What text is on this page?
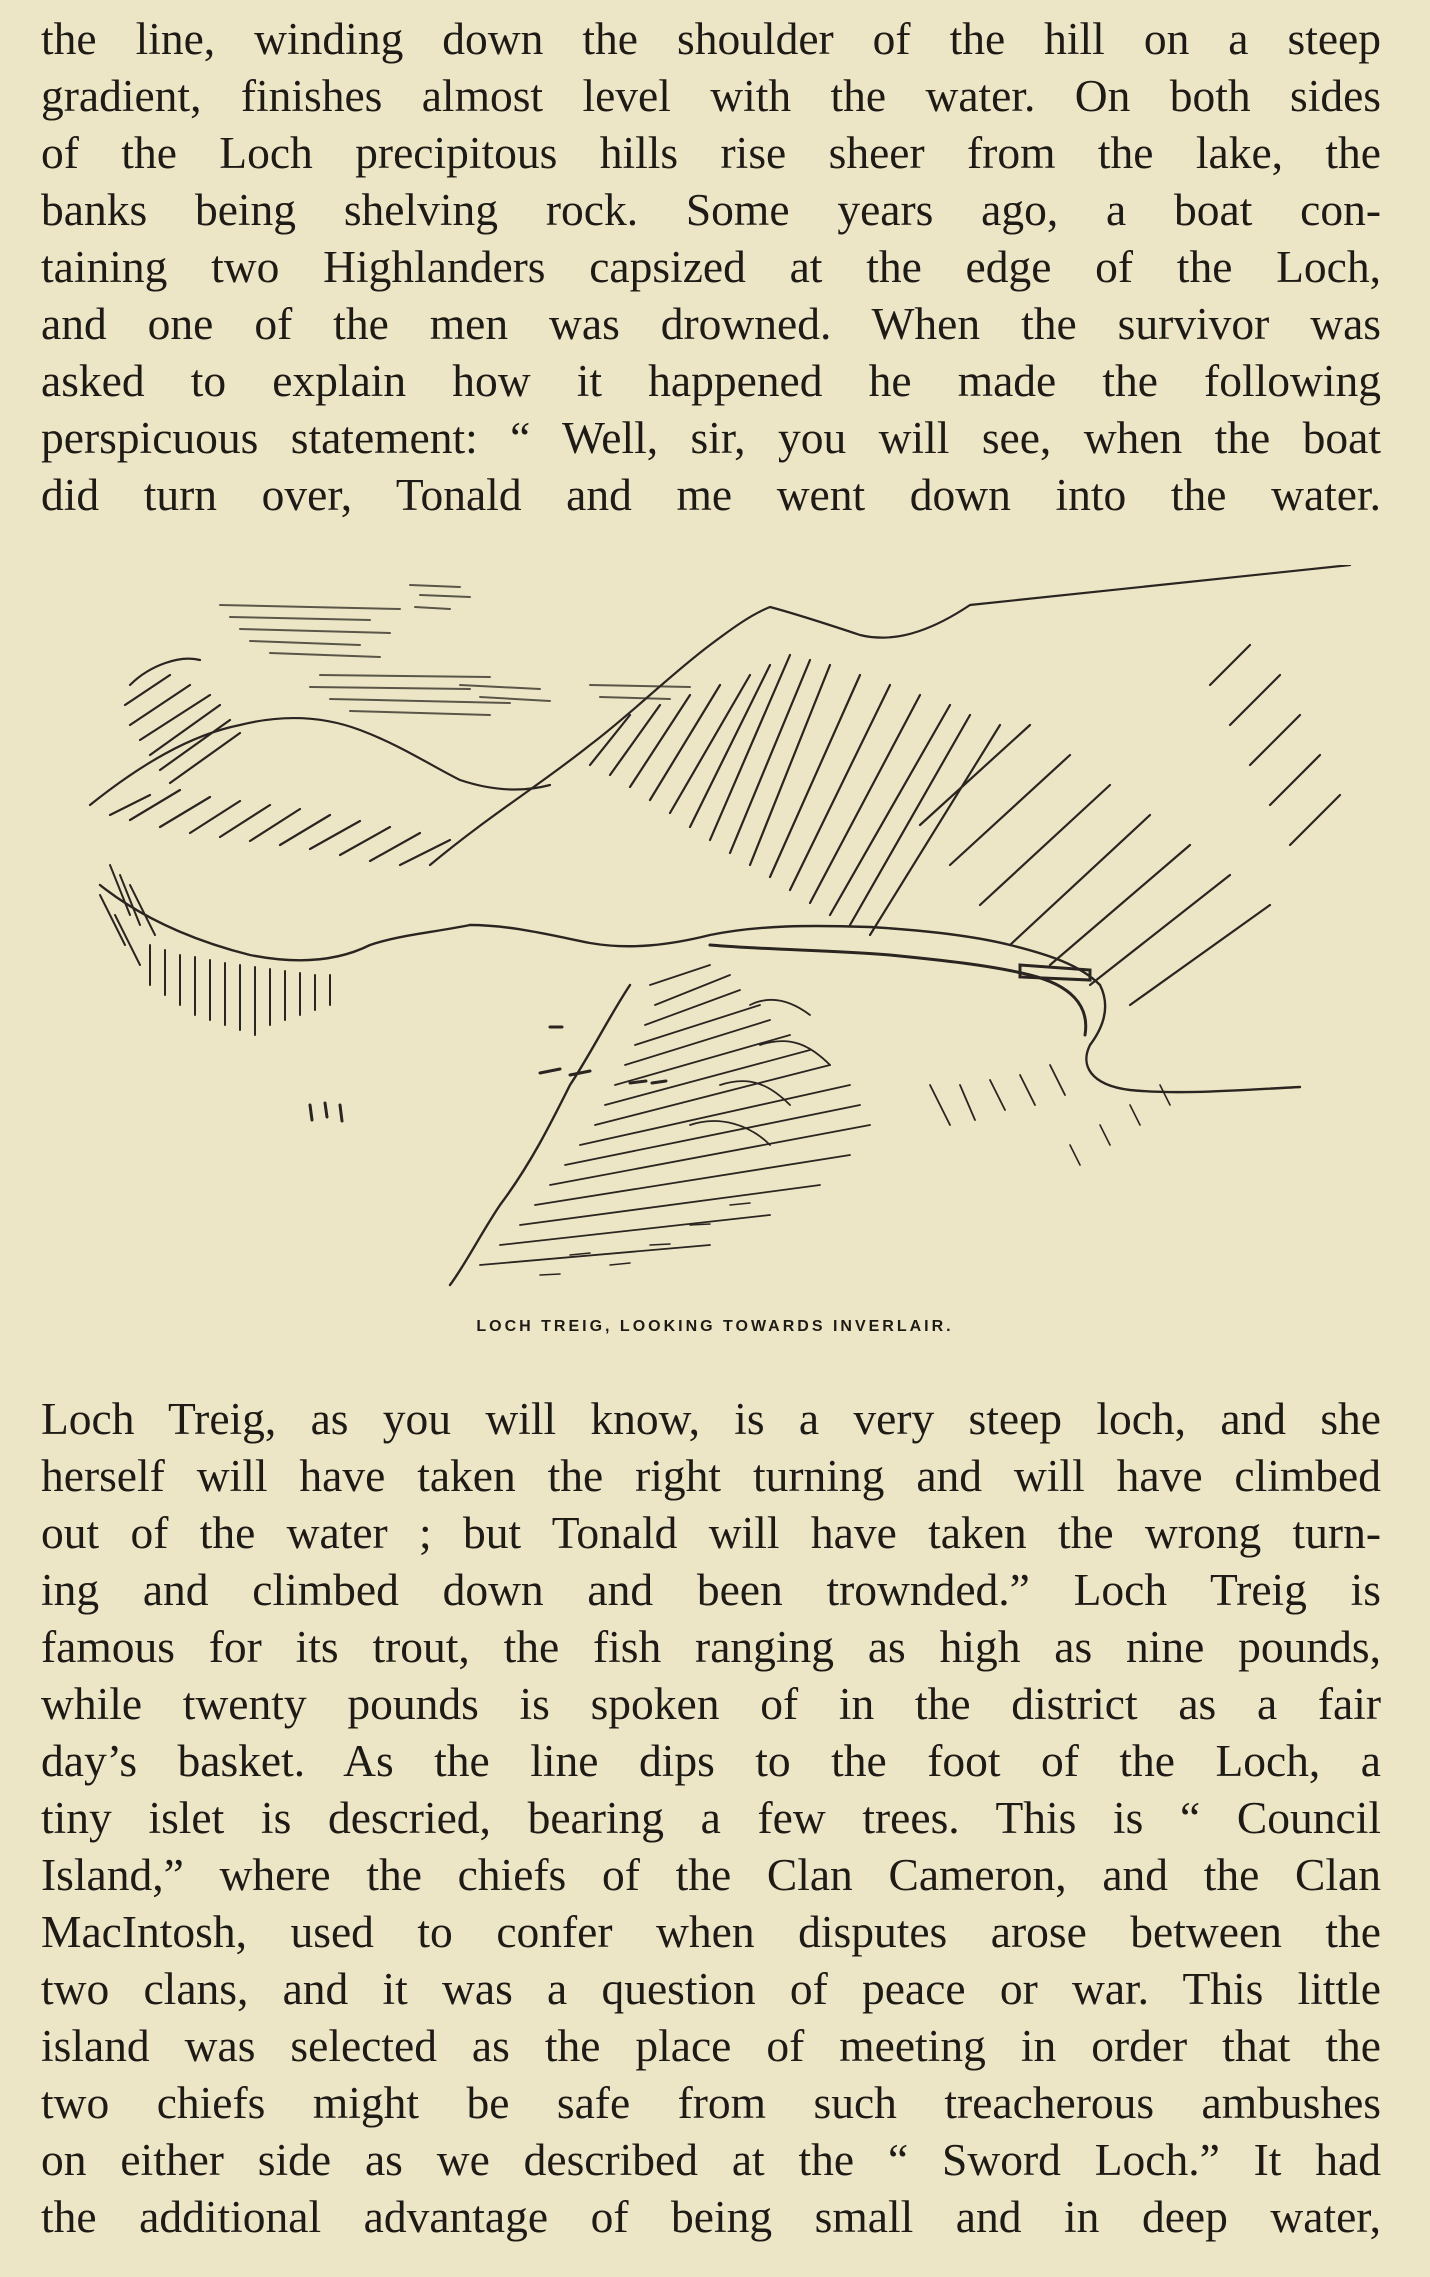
the line, winding down the shoulder of the hill on a steep
gradient, finishes almost level with the water. On both sides
of the Loch precipitous hills rise sheer from the lake, the
banks being shelving rock. Some years ago, a boat con-
taining two Highlanders capsized at the edge of the Loch,
and one of the men was drowned. When the survivor was
asked to explain how it happened he made the following
perspicuous statement: “ Well, sir, you will see, when the boat
did turn over, Tonald and me went down into the water.
LOCH TREIG, LOOKING TOWARDS INVERLAIR.
Loch Treig, as you will know, is a very steep loch, and she
herself will have taken the right turning and will have climbed
out of the water ; but Tonald will have taken the wrong turn-
ing and climbed down and been trownded.” Loch Treig is
famous for its trout, the fish ranging as high as nine pounds,
while twenty pounds is spoken of in the district as a fair
day’s basket. As the line dips to the foot of the Loch, a
tiny islet is descried, bearing a few trees. This is “ Council
Island,” where the chiefs of the Clan Cameron, and the Clan
MacIntosh, used to confer when disputes arose between the
two clans, and it was a question of peace or war. This little
island was selected as the place of meeting in order that the
two chiefs might be safe from such treacherous ambushes
on either side as we described at the “ Sword Loch.” It had
the additional advantage of being small and in deep water,
